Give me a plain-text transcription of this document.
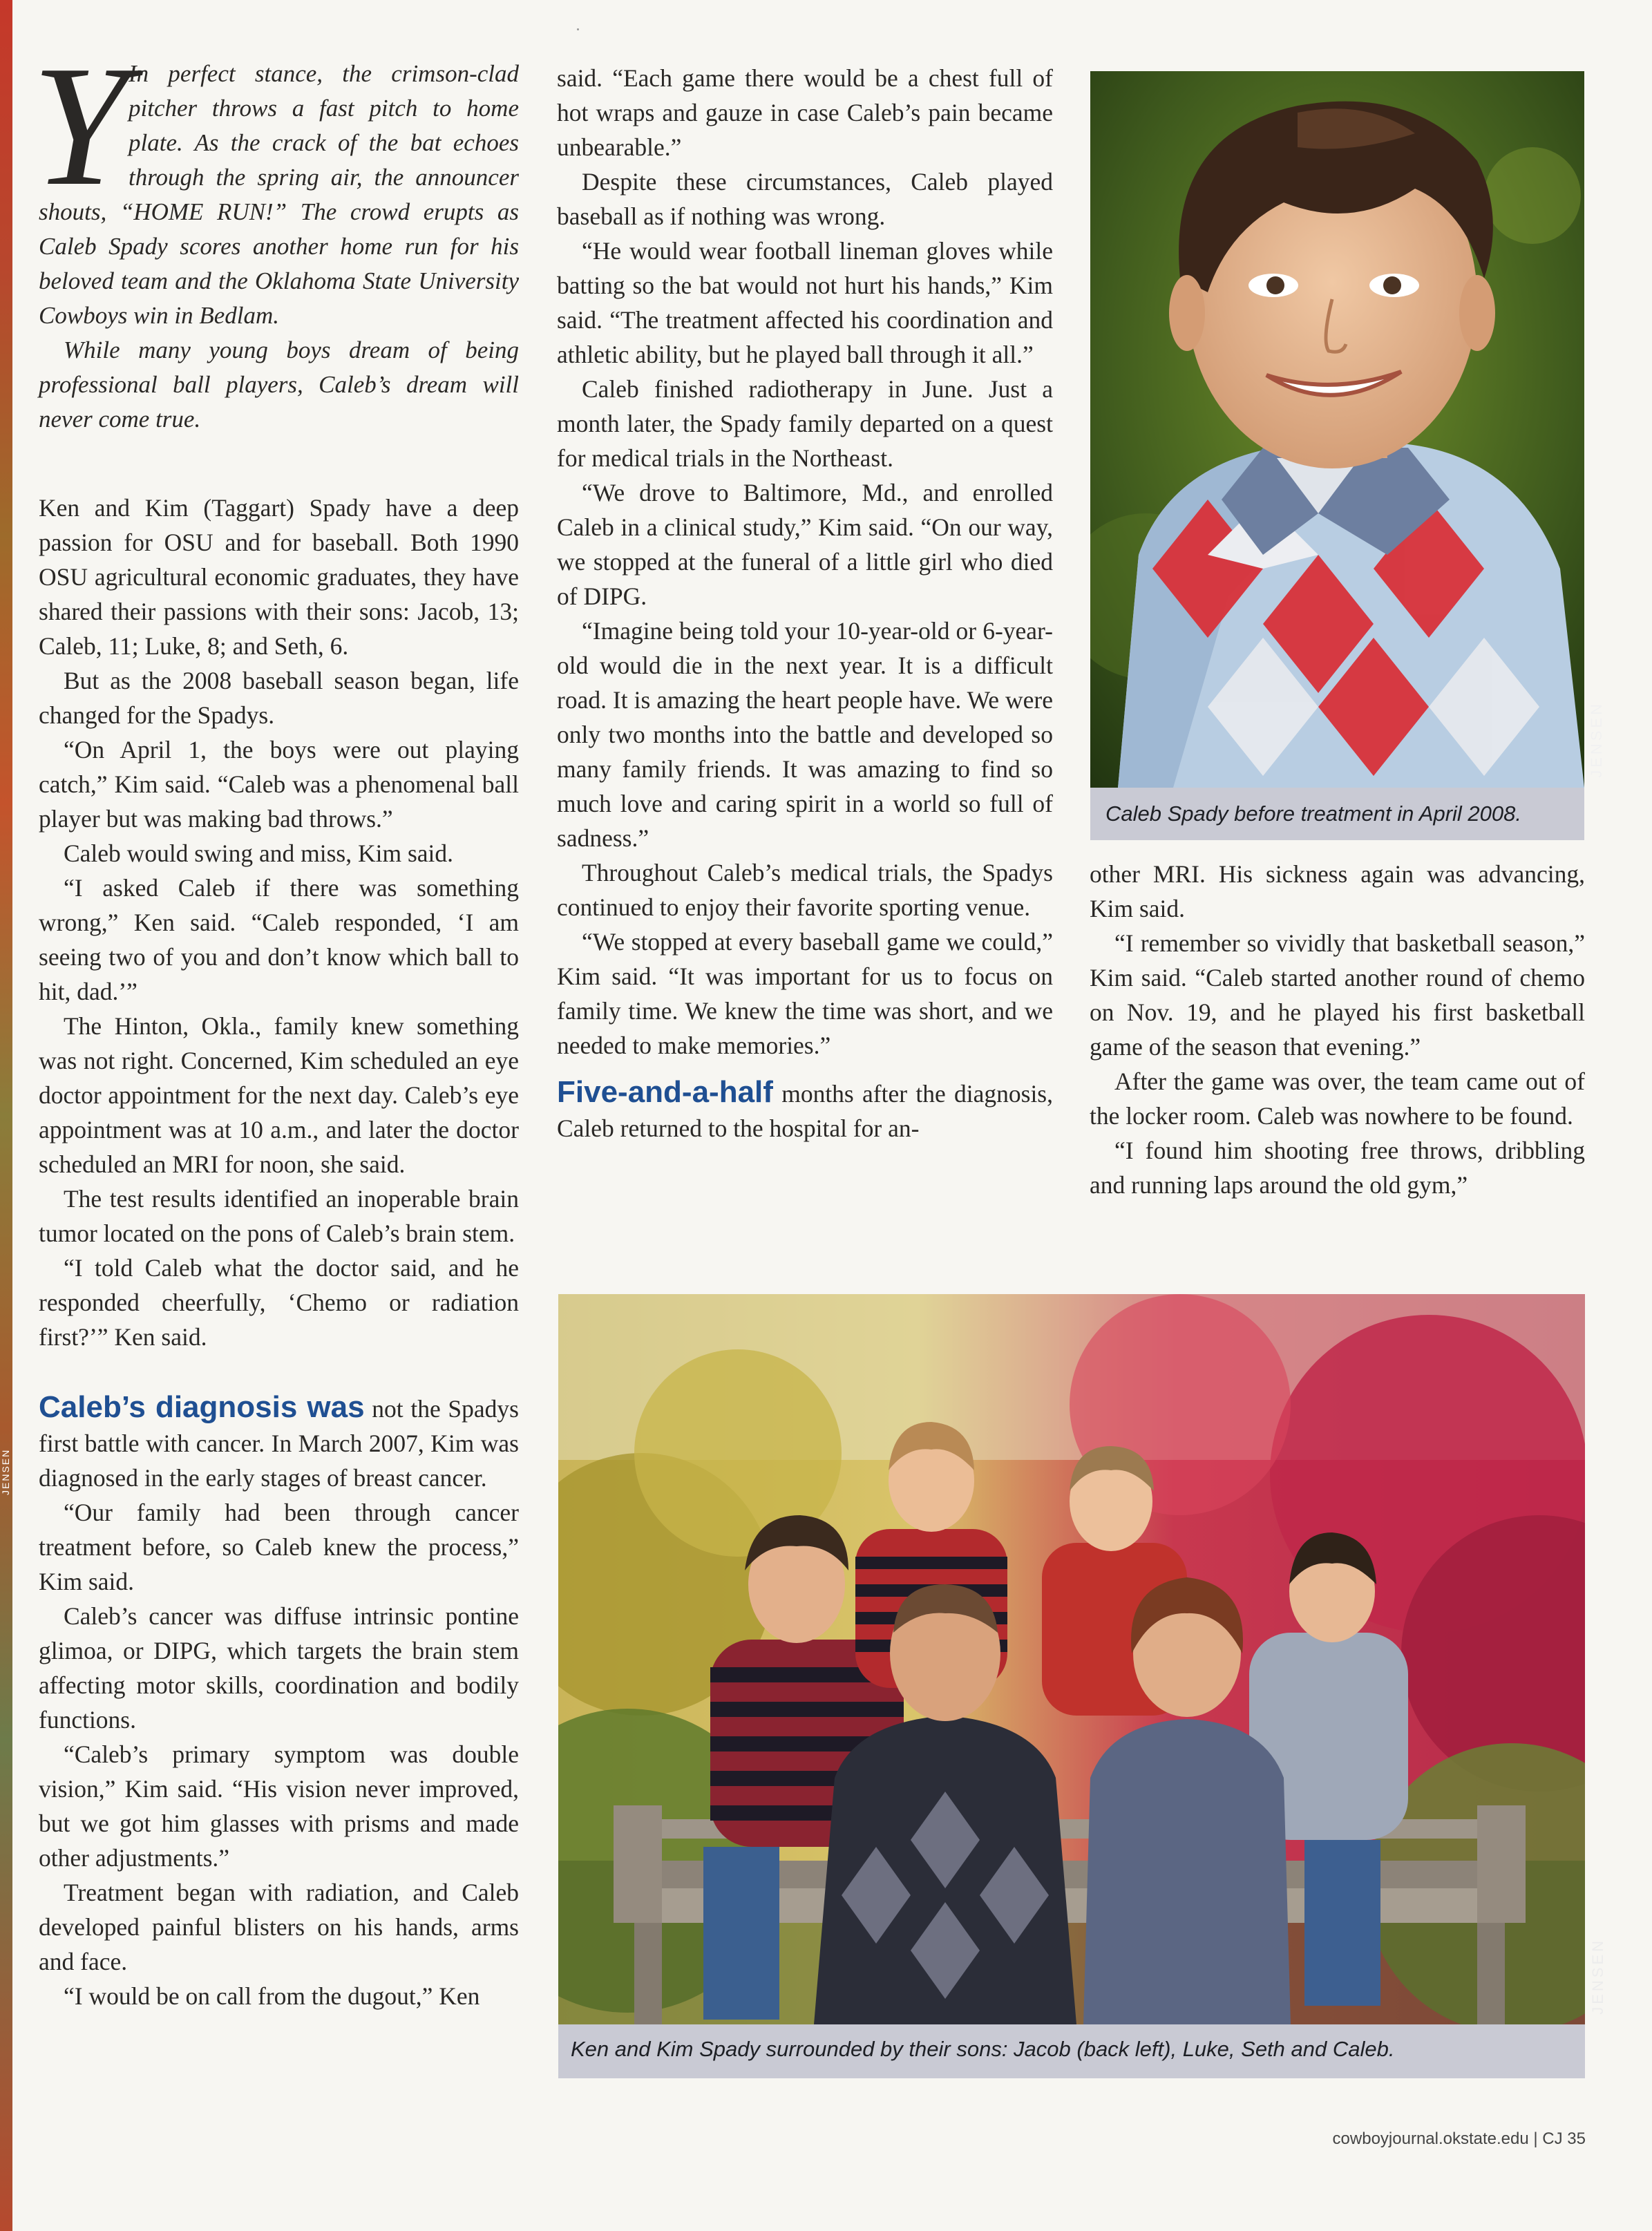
JENSEN
Y In perfect stance, the crimson-clad pitcher throws a fast pitch to home plate. As the crack of the bat echoes through the spring air, the announcer shouts, “HOME RUN!” The crowd erupts as Caleb Spady scores another home run for his beloved team and the Oklahoma State University Cowboys win in Bedlam.

While many young boys dream of being professional ball players, Caleb’s dream will never come true.

Ken and Kim (Taggart) Spady have a deep passion for OSU and for baseball. Both 1990 OSU agricultural economic graduates, they have shared their passions with their sons: Jacob, 13; Caleb, 11; Luke, 8; and Seth, 6.

But as the 2008 baseball season began, life changed for the Spadys.

“On April 1, the boys were out playing catch,” Kim said. “Caleb was a phenomenal ball player but was making bad throws.”

Caleb would swing and miss, Kim said.

“I asked Caleb if there was something wrong,” Ken said. “Caleb responded, ‘I am seeing two of you and don’t know which ball to hit, dad.’”

The Hinton, Okla., family knew something was not right. Concerned, Kim scheduled an eye doctor appointment for the next day. Caleb’s eye appointment was at 10 a.m., and later the doctor scheduled an MRI for noon, she said.

The test results identified an inoperable brain tumor located on the pons of Caleb’s brain stem.

“I told Caleb what the doctor said, and he responded cheerfully, ‘Chemo or radiation first?’” Ken said.

Caleb’s diagnosis was not the Spadys first battle with cancer. In March 2007, Kim was diagnosed in the early stages of breast cancer.

“Our family had been through cancer treatment before, so Caleb knew the process,” Kim said.

Caleb’s cancer was diffuse intrinsic pontine glimoa, or DIPG, which targets the brain stem affecting motor skills, coordination and bodily functions.

“Caleb’s primary symptom was double vision,” Kim said. “His vision never improved, but we got him glasses with prisms and made other adjustments.”

Treatment began with radiation, and Caleb developed painful blisters on his hands, arms and face.

“I would be on call from the dugout,” Ken

said. “Each game there would be a chest full of hot wraps and gauze in case Caleb’s pain became unbearable.”

Despite these circumstances, Caleb played baseball as if nothing was wrong.

“He would wear football lineman gloves while batting so the bat would not hurt his hands,” Kim said. “The treatment affected his coordination and athletic ability, but he played ball through it all.”

Caleb finished radiotherapy in June. Just a month later, the Spady family departed on a quest for medical trials in the Northeast.

“We drove to Baltimore, Md., and enrolled Caleb in a clinical study,” Kim said. “On our way, we stopped at the funeral of a little girl who died of DIPG.

“Imagine being told your 10-year-old or 6-year-old would die in the next year. It is a difficult road. It is amazing the heart people have. We were only two months into the battle and developed so many family friends. It was amazing to find so much love and caring spirit in a world so full of sadness.”

Throughout Caleb’s medical trials, the Spadys continued to enjoy their favorite sporting venue.

“We stopped at every baseball game we could,” Kim said. “It was important for us to focus on family time. We knew the time was short, and we needed to make memories.”

Five-and-a-half months after the diagnosis, Caleb returned to the hospital for an-

other MRI. His sickness again was advancing, Kim said.

“I remember so vividly that basketball season,” Kim said. “Caleb started another round of chemo on Nov. 19, and he played his first basketball game of the season that evening.”

After the game was over, the team came out of the locker room. Caleb was nowhere to be found.

“I found him shooting free throws, dribbling and running laps around the old gym,”

Caleb Spady before treatment in April 2008.
JENSEN
Ken and Kim Spady surrounded by their sons: Jacob (back left), Luke, Seth and Caleb.
JENSEN
cowboyjournal.okstate.edu | CJ 35
